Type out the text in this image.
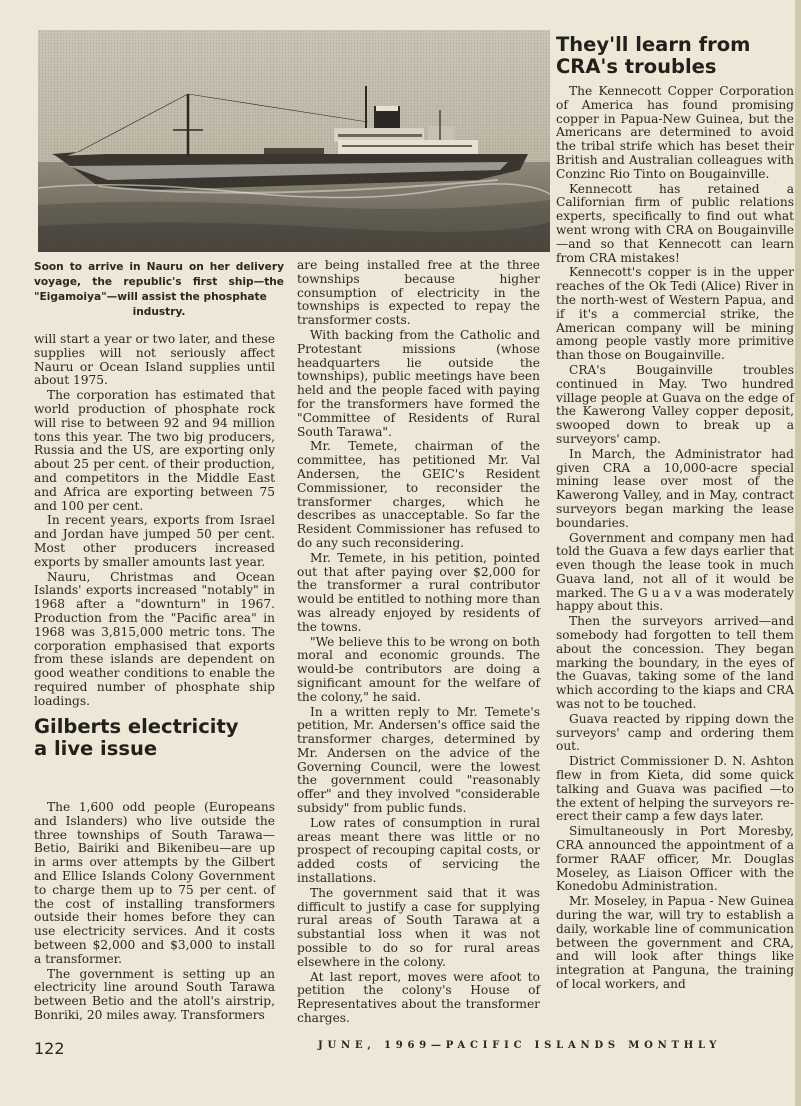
Soon to arrive in Nauru on her delivery voyage, the republic's first ship—the "Eigamoiya"—will assist the phosphate

industry.

will start a year or two later, and these supplies will not seriously affect Nauru or Ocean Island supplies until about 1975.

The corporation has estimated that world production of phosphate rock will rise to between 92 and 94 million tons this year. The two big producers, Russia and the US, are exporting only about 25 per cent. of their production, and competitors in the Middle East and Africa are exporting between 75 and 100 per cent.

In recent years, exports from Israel and Jordan have jumped 50 per cent. Most other producers increased exports by smaller amounts last year.

Nauru, Christmas and Ocean Islands' exports increased "notably" in 1968 after a "downturn" in 1967. Production from the "Pacific area" in 1968 was 3,815,000 metric tons. The corporation emphasised that exports from these islands are dependent on good weather conditions to enable the required number of phosphate ship loadings.

Gilberts electricity
a live issue

The 1,600 odd people (Europeans and Islanders) who live outside the three townships of South Tarawa—Betio, Bairiki and Bikenibeu—are up in arms over attempts by the Gilbert and Ellice Islands Colony Government to charge them up to 75 per cent. of the cost of installing transformers outside their homes before they can use electricity services. And it costs between $2,000 and $3,000 to install a transformer.

The government is setting up an electricity line around South Tarawa between Betio and the atoll's airstrip, Bonriki, 20 miles away. Transformers

are being installed free at the three townships because higher consumption of electricity in the townships is expected to repay the transformer costs.

With backing from the Catholic and Protestant missions (whose headquarters lie outside the townships), public meetings have been held and the people faced with paying for the transformers have formed the "Committee of Residents of Rural South Tarawa".

Mr. Temete, chairman of the committee, has petitioned Mr. Val Andersen, the GEIC's Resident Commissioner, to reconsider the transformer charges, which he describes as unacceptable. So far the Resident Commissioner has refused to do any such reconsidering.

Mr. Temete, in his petition, pointed out that after paying over $2,000 for the transformer a rural contributor would be entitled to nothing more than was already enjoyed by residents of the towns.

"We believe this to be wrong on both moral and economic grounds. The would-be contributors are doing a significant amount for the welfare of the colony," he said.

In a written reply to Mr. Temete's petition, Mr. Andersen's office said the transformer charges, determined by Mr. Andersen on the advice of the Governing Council, were the lowest the government could "reasonably offer" and they involved "considerable subsidy" from public funds.

Low rates of consumption in rural areas meant there was little or no prospect of recouping capital costs, or added costs of servicing the installations.

The government said that it was difficult to justify a case for supplying rural areas of South Tarawa at a substantial loss when it was not possible to do so for rural areas elsewhere in the colony.

At last report, moves were afoot to petition the colony's House of Representatives about the transformer charges.

They'll learn from
CRA's troubles

The Kennecott Copper Corporation of America has found promising copper in Papua-New Guinea, but the Americans are determined to avoid the tribal strife which has beset their British and Australian colleagues with Conzinc Rio Tinto on Bougainville.

Kennecott has retained a Californian firm of public relations experts, specifically to find out what went wrong with CRA on Bougainville—and so that Kennecott can learn from CRA mistakes!

Kennecott's copper is in the upper reaches of the Ok Tedi (Alice) River in the north-west of Western Papua, and if it's a commercial strike, the American company will be mining among people vastly more primitive than those on Bougainville.

CRA's Bougainville troubles continued in May. Two hundred village people at Guava on the edge of the Kawerong Valley copper deposit, swooped down to break up a surveyors' camp.

In March, the Administrator had given CRA a 10,000-acre special mining lease over most of the Kawerong Valley, and in May, contract surveyors began marking the lease boundaries.

Government and company men had told the Guava a few days earlier that even though the lease took in much Guava land, not all of it would be marked. The G u a v a was moderately happy about this.

Then the surveyors arrived—and somebody had forgotten to tell them about the concession. They began marking the boundary, in the eyes of the Guavas, taking some of the land which according to the kiaps and CRA was not to be touched.

Guava reacted by ripping down the surveyors' camp and ordering them out.

District Commissioner D. N. Ashton flew in from Kieta, did some quick talking and Guava was pacified —to the extent of helping the surveyors re-erect their camp a few days later.

Simultaneously in Port Moresby, CRA announced the appointment of a former RAAF officer, Mr. Douglas Moseley, as Liaison Officer with the Konedobu Administration.

Mr. Moseley, in Papua - New Guinea during the war, will try to establish a daily, workable line of communication between the government and CRA, and will look after things like integration at Panguna, the training of local workers, and

122	JUNE, 1969—PACIFIC ISLANDS MONTHLY
